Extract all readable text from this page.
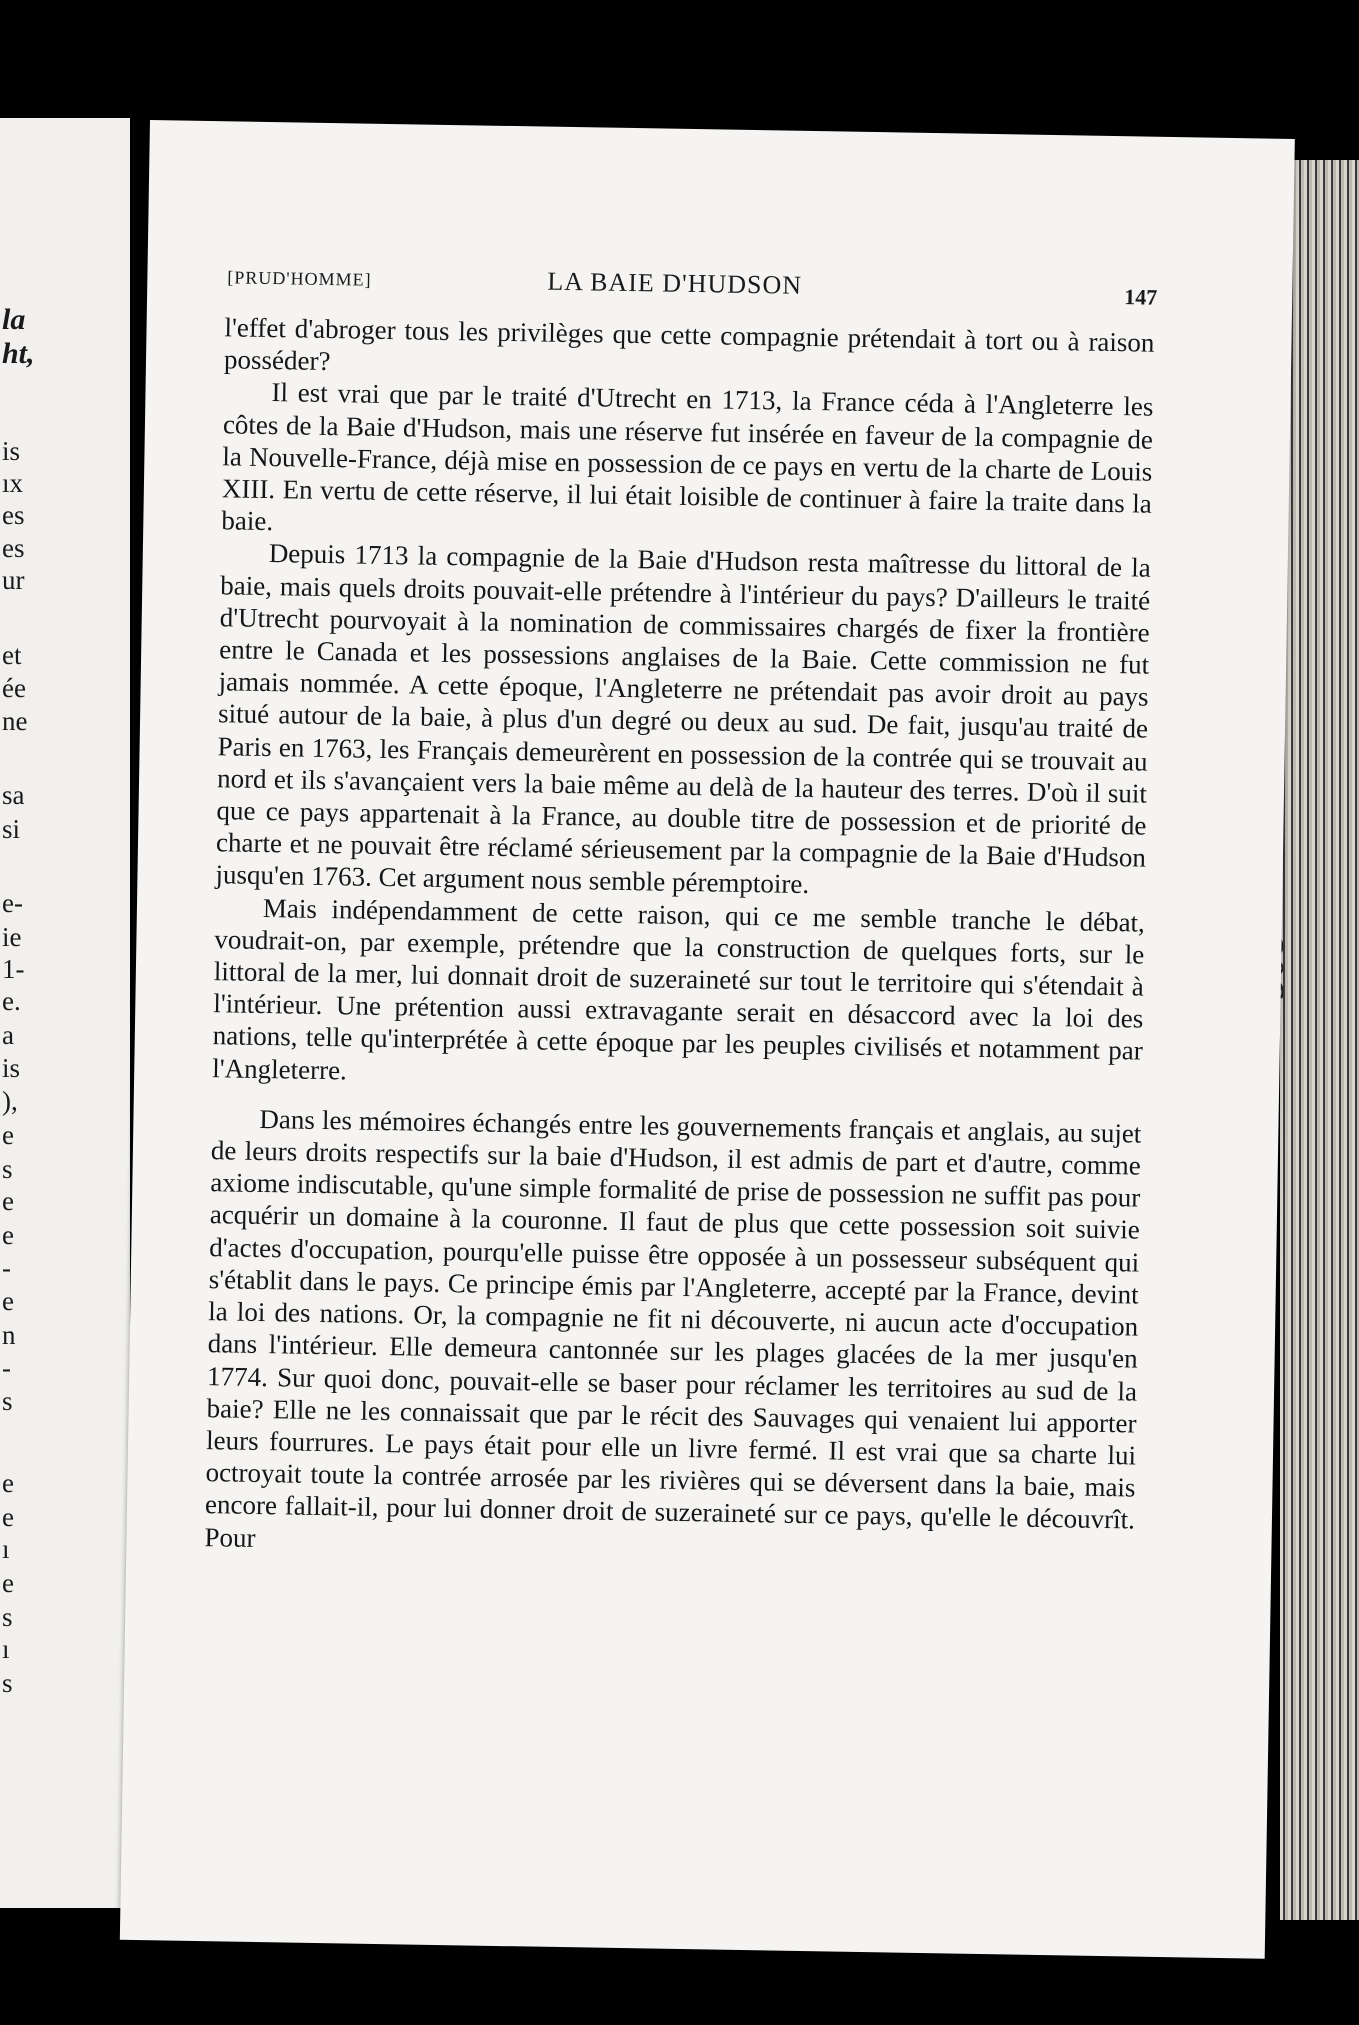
la
ht,
is
ıx
es
es
ur
et
ée
ne
sa
si
e-
ie
1-
e.
a
is
),
e
s
e
e
-
e
n
-
s
e
e
ı
e
s
ı
s
[PRUD'HOMME]	LA BAIE D'HUDSON	147

l'effet d'abroger tous les privilèges que cette compagnie prétendait à tort ou à raison posséder?

Il est vrai que par le traité d'Utrecht en 1713, la France céda à l'Angleterre les côtes de la Baie d'Hudson, mais une réserve fut insérée en faveur de la compagnie de la Nouvelle-France, déjà mise en possession de ce pays en vertu de la charte de Louis XIII. En vertu de cette réserve, il lui était loisible de continuer à faire la traite dans la baie.

Depuis 1713 la compagnie de la Baie d'Hudson resta maîtresse du littoral de la baie, mais quels droits pouvait-elle prétendre à l'intérieur du pays? D'ailleurs le traité d'Utrecht pourvoyait à la nomination de commissaires chargés de fixer la frontière entre le Canada et les possessions anglaises de la Baie. Cette commission ne fut jamais nommée. A cette époque, l'Angleterre ne prétendait pas avoir droit au pays situé autour de la baie, à plus d'un degré ou deux au sud. De fait, jusqu'au traité de Paris en 1763, les Français demeurèrent en possession de la contrée qui se trouvait au nord et ils s'avançaient vers la baie même au delà de la hauteur des terres. D'où il suit que ce pays appartenait à la France, au double titre de possession et de priorité de charte et ne pouvait être réclamé sérieusement par la compagnie de la Baie d'Hudson jusqu'en 1763. Cet argument nous semble péremptoire.

Mais indépendamment de cette raison, qui ce me semble tranche le débat, voudrait-on, par exemple, prétendre que la construction de quelques forts, sur le littoral de la mer, lui donnait droit de suzeraineté sur tout le territoire qui s'étendait à l'intérieur. Une prétention aussi extravagante serait en désaccord avec la loi des nations, telle qu'interprétée à cette époque par les peuples civilisés et notamment par l'Angleterre.

Dans les mémoires échangés entre les gouvernements français et anglais, au sujet de leurs droits respectifs sur la baie d'Hudson, il est admis de part et d'autre, comme axiome indiscutable, qu'une simple formalité de prise de possession ne suffit pas pour acquérir un domaine à la couronne. Il faut de plus que cette possession soit suivie d'actes d'occupation, pourqu'elle puisse être opposée à un possesseur subséquent qui s'établit dans le pays. Ce principe émis par l'Angleterre, accepté par la France, devint la loi des nations. Or, la compagnie ne fit ni découverte, ni aucun acte d'occupation dans l'intérieur. Elle demeura cantonnée sur les plages glacées de la mer jusqu'en 1774. Sur quoi donc, pouvait-elle se baser pour réclamer les territoires au sud de la baie? Elle ne les connaissait que par le récit des Sauvages qui venaient lui apporter leurs fourrures. Le pays était pour elle un livre fermé. Il est vrai que sa charte lui octroyait toute la contrée arrosée par les rivières qui se déversent dans la baie, mais encore fallait-il, pour lui donner droit de suzeraineté sur ce pays, qu'elle le découvrît. Pour
